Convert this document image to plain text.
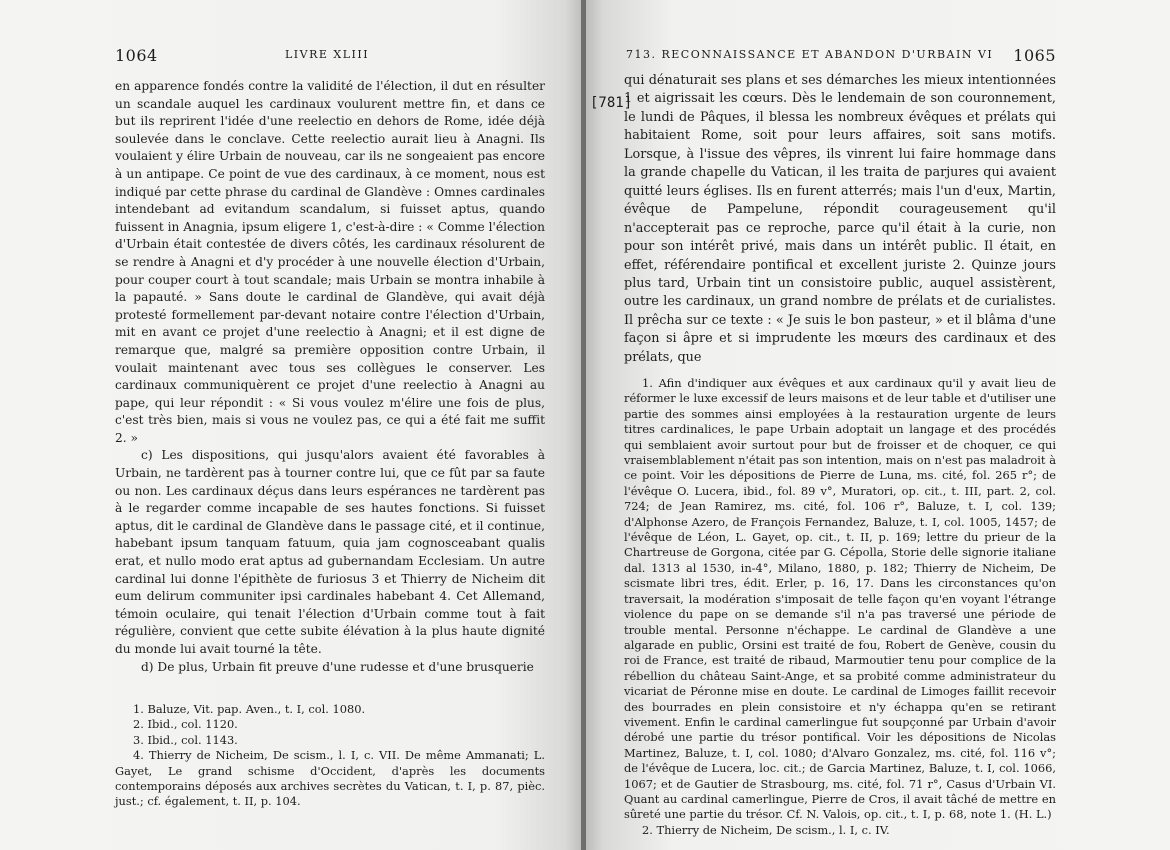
1064	LIVRE XLIII

en apparence fondés contre la validité de l'élection, il dut en résulter un scandale auquel les cardinaux voulurent mettre fin, et dans ce but ils reprirent l'idée d'une reelectio en dehors de Rome, idée déjà soulevée dans le conclave. Cette reelectio aurait lieu à Anagni. Ils voulaient y élire Urbain de nouveau, car ils ne songeaient pas encore à un antipape. Ce point de vue des cardinaux, à ce moment, nous est indiqué par cette phrase du cardinal de Glandève : Omnes cardinales intendebant ad evitandum scandalum, si fuisset aptus, quando fuissent in Anagnia, ipsum eligere 1, c'est-à-dire : « Comme l'élection d'Urbain était contestée de divers côtés, les cardinaux résolurent de se rendre à Anagni et d'y procéder à une nouvelle élection d'Urbain, pour couper court à tout scandale; mais Urbain se montra inhabile à la papauté. » Sans doute le cardinal de Glandève, qui avait déjà protesté formellement par-devant notaire contre l'élection d'Urbain, mit en avant ce projet d'une reelectio à Anagni; et il est digne de remarque que, malgré sa première opposition contre Urbain, il voulait maintenant avec tous ses collègues le conserver. Les cardinaux communiquèrent ce projet d'une reelectio à Anagni au pape, qui leur répondit : « Si vous voulez m'élire une fois de plus, c'est très bien, mais si vous ne voulez pas, ce qui a été fait me suffit 2. »

c) Les dispositions, qui jusqu'alors avaient été favorables à Urbain, ne tardèrent pas à tourner contre lui, que ce fût par sa faute ou non. Les cardinaux déçus dans leurs espérances ne tardèrent pas à le regarder comme incapable de ses hautes fonctions. Si fuisset aptus, dit le cardinal de Glandève dans le passage cité, et il continue, habebant ipsum tanquam fatuum, quia jam cognosceabant qualis erat, et nullo modo erat aptus ad gubernandam Ecclesiam. Un autre cardinal lui donne l'épithète de furiosus 3 et Thierry de Nicheim dit eum delirum communiter ipsi cardinales habebant 4. Cet Allemand, témoin oculaire, qui tenait l'élection d'Urbain comme tout à fait régulière, convient que cette subite élévation à la plus haute dignité du monde lui avait tourné la tête.

d) De plus, Urbain fit preuve d'une rudesse et d'une brusquerie

1. Baluze, Vit. pap. Aven., t. I, col. 1080.

2. Ibid., col. 1120.

3. Ibid., col. 1143.

4. Thierry de Nicheim, De scism., l. I, c. VII. De même Ammanati; L. Gayet, Le grand schisme d'Occident, d'après les documents contemporains déposés aux archives secrètes du Vatican, t. I, p. 87, pièc. just.; cf. également, t. II, p. 104.

713. RECONNAISSANCE ET ABANDON D'URBAIN VI 1065
[781]

qui dénaturait ses plans et ses démarches les mieux intentionnées 1 et aigrissait les cœurs. Dès le lendemain de son couronnement, le lundi de Pâques, il blessa les nombreux évêques et prélats qui habitaient Rome, soit pour leurs affaires, soit sans motifs. Lorsque, à l'issue des vêpres, ils vinrent lui faire hommage dans la grande chapelle du Vatican, il les traita de parjures qui avaient quitté leurs églises. Ils en furent atterrés; mais l'un d'eux, Martin, évêque de Pampelune, répondit courageusement qu'il n'accepterait pas ce reproche, parce qu'il était à la curie, non pour son intérêt privé, mais dans un intérêt public. Il était, en effet, référendaire pontifical et excellent juriste 2. Quinze jours plus tard, Urbain tint un consistoire public, auquel assistèrent, outre les cardinaux, un grand nombre de prélats et de curialistes. Il prêcha sur ce texte : « Je suis le bon pasteur, » et il blâma d'une façon si âpre et si imprudente les mœurs des cardinaux et des prélats, que

1. Afin d'indiquer aux évêques et aux cardinaux qu'il y avait lieu de réformer le luxe excessif de leurs maisons et de leur table et d'utiliser une partie des sommes ainsi employées à la restauration urgente de leurs titres cardinalices, le pape Urbain adoptait un langage et des procédés qui semblaient avoir surtout pour but de froisser et de choquer, ce qui vraisemblablement n'était pas son intention, mais on n'est pas maladroit à ce point. Voir les dépositions de Pierre de Luna, ms. cité, fol. 265 r°; de l'évêque O. Lucera, ibid., fol. 89 v°, Muratori, op. cit., t. III, part. 2, col. 724; de Jean Ramirez, ms. cité, fol. 106 r°, Baluze, t. I, col. 139; d'Alphonse Azero, de François Fernandez, Baluze, t. I, col. 1005, 1457; de l'évêque de Léon, L. Gayet, op. cit., t. II, p. 169; lettre du prieur de la Chartreuse de Gorgona, citée par G. Cépolla, Storie delle signorie italiane dal. 1313 al 1530, in-4°, Milano, 1880, p. 182; Thierry de Nicheim, De scismate libri tres, édit. Erler, p. 16, 17. Dans les circonstances qu'on traversait, la modération s'imposait de telle façon qu'en voyant l'étrange violence du pape on se demande s'il n'a pas traversé une période de trouble mental. Personne n'échappe. Le cardinal de Glandève a une algarade en public, Orsini est traité de fou, Robert de Genève, cousin du roi de France, est traité de ribaud, Marmoutier tenu pour complice de la rébellion du château Saint-Ange, et sa probité comme administrateur du vicariat de Péronne mise en doute. Le cardinal de Limoges faillit recevoir des bourrades en plein consistoire et n'y échappa qu'en se retirant vivement. Enfin le cardinal camerlingue fut soupçonné par Urbain d'avoir dérobé une partie du trésor pontifical. Voir les dépositions de Nicolas Martinez, Baluze, t. I, col. 1080; d'Alvaro Gonzalez, ms. cité, fol. 116 v°; de l'évêque de Lucera, loc. cit.; de Garcia Martinez, Baluze, t. I, col. 1066, 1067; et de Gautier de Strasbourg, ms. cité, fol. 71 r°, Casus d'Urbain VI. Quant au cardinal camerlingue, Pierre de Cros, il avait tâché de mettre en sûreté une partie du trésor. Cf. N. Valois, op. cit., t. I, p. 68, note 1. (H. L.)

2. Thierry de Nicheim, De scism., l. I, c. IV.
